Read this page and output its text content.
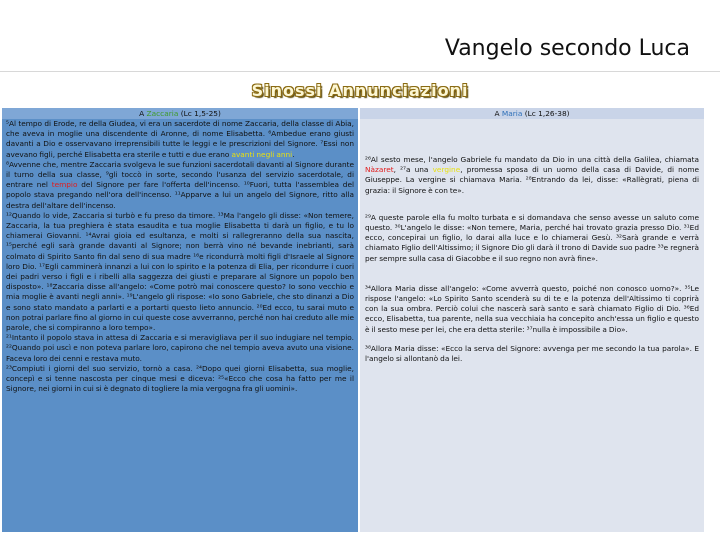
Vangelo secondo Luca
Sinossi Annunciazioni
A Zaccaria (Lc 1,5-25)

⁵Al tempo di Erode, re della Giudea, vi era un sacerdote di nome Zaccaria, della classe di Abia, che aveva in moglie una discendente di Aronne, di nome Elisabetta. ⁶Ambedue erano giusti davanti a Dio e osservavano irreprensibili tutte le leggi e le prescrizioni del Signore. ⁷Essi non avevano figli, perché Elisabetta era sterile e tutti e due erano avanti negli anni.

⁸Avvenne che, mentre Zaccaria svolgeva le sue funzioni sacerdotali davanti al Signore durante il turno della sua classe, ⁹gli toccò in sorte, secondo l'usanza del servizio sacerdotale, di entrare nel tempio del Signore per fare l'offerta dell'incenso. ¹⁰Fuori, tutta l'assemblea del popolo stava pregando nell'ora dell'incenso. ¹¹Apparve a lui un angelo del Signore, ritto alla destra dell'altare dell'incenso.

¹²Quando lo vide, Zaccaria si turbò e fu preso da timore. ¹³Ma l'angelo gli disse: «Non temere, Zaccaria, la tua preghiera è stata esaudita e tua moglie Elisabetta ti darà un figlio, e tu lo chiamerai Giovanni. ¹⁴Avrai gioia ed esultanza, e molti si rallegreranno della sua nascita, ¹⁵perché egli sarà grande davanti al Signore; non berrà vino né bevande inebrianti, sarà colmato di Spirito Santo fin dal seno di sua madre ¹⁶e ricondurrà molti figli d'Israele al Signore loro Dio. ¹⁷Egli camminerà innanzi a lui con lo spirito e la potenza di Elia, per ricondurre i cuori dei padri verso i figli e i ribelli alla saggezza dei giusti e preparare al Signore un popolo ben disposto». ¹⁸Zaccaria disse all'angelo: «Come potrò mai conoscere questo? Io sono vecchio e mia moglie è avanti negli anni». ¹⁹L'angelo gli rispose: «Io sono Gabriele, che sto dinanzi a Dio e sono stato mandato a parlarti e a portarti questo lieto annuncio. ²⁰Ed ecco, tu sarai muto e non potrai parlare fino al giorno in cui queste cose avverranno, perché non hai creduto alle mie parole, che si compiranno a loro tempo».

²¹Intanto il popolo stava in attesa di Zaccaria e si meravigliava per il suo indugiare nel tempio. ²²Quando poi uscì e non poteva parlare loro, capirono che nel tempio aveva avuto una visione. Faceva loro dei cenni e restava muto.

²³Compiuti i giorni del suo servizio, tornò a casa. ²⁴Dopo quei giorni Elisabetta, sua moglie, concepì e si tenne nascosta per cinque mesi e diceva: ²⁵«Ecco che cosa ha fatto per me il Signore, nei giorni in cui si è degnato di togliere la mia vergogna fra gli uomini».

A Maria (Lc 1,26-38)

²⁶Al sesto mese, l'angelo Gabriele fu mandato da Dio in una città della Galilea, chiamata Nàzaret, ²⁷a una vergine, promessa sposa di un uomo della casa di Davide, di nome Giuseppe. La vergine si chiamava Maria. ²⁸Entrando da lei, disse: «Rallègrati, piena di grazia: il Signore è con te».

²⁹A queste parole ella fu molto turbata e si domandava che senso avesse un saluto come questo. ³⁰L'angelo le disse: «Non temere, Maria, perché hai trovato grazia presso Dio. ³¹Ed ecco, concepirai un figlio, lo darai alla luce e lo chiamerai Gesù. ³²Sarà grande e verrà chiamato Figlio dell'Altissimo; il Signore Dio gli darà il trono di Davide suo padre ³³e regnerà per sempre sulla casa di Giacobbe e il suo regno non avrà fine».

³⁴Allora Maria disse all'angelo: «Come avverrà questo, poiché non conosco uomo?». ³⁵Le rispose l'angelo: «Lo Spirito Santo scenderà su di te e la potenza dell'Altissimo ti coprirà con la sua ombra. Perciò colui che nascerà sarà santo e sarà chiamato Figlio di Dio. ³⁶Ed ecco, Elisabetta, tua parente, nella sua vecchiaia ha concepito anch'essa un figlio e questo è il sesto mese per lei, che era detta sterile: ³⁷nulla è impossibile a Dio».

³⁸Allora Maria disse: «Ecco la serva del Signore: avvenga per me secondo la tua parola». E l'angelo si allontanò da lei.
